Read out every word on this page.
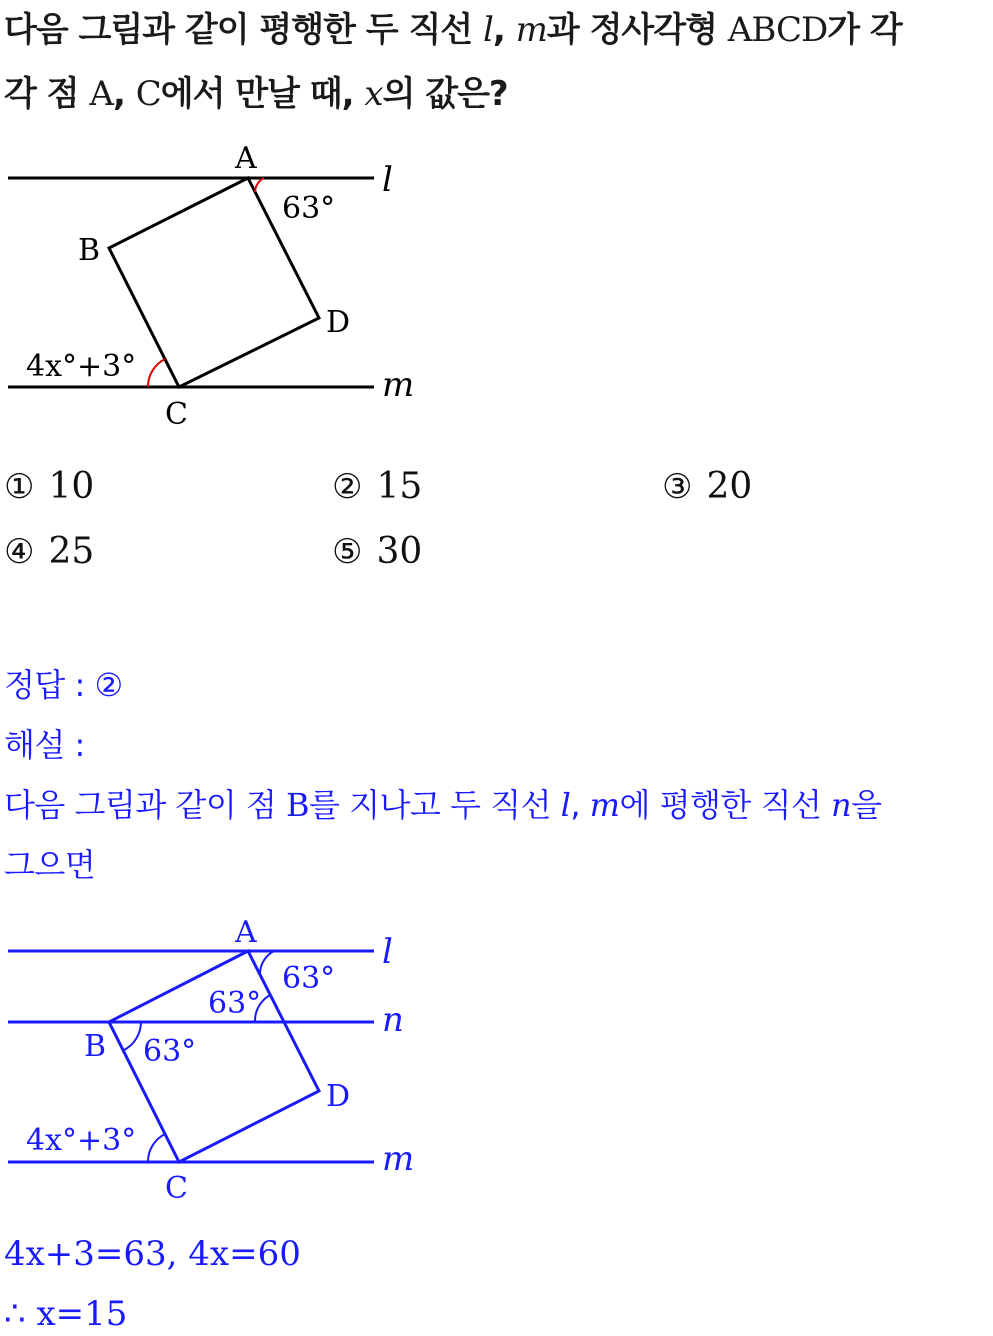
다음 그림과 같이 평행한 두 직선 l, m과 정사각형 ABCD가 각
각 점 A, C에서 만날 때, x의 값은?
A
B
C
D
l
m
63°
4x°+3°
① 10	② 15	③ 20
④ 25	⑤ 30
정답 : ②
해설 :
다음 그림과 같이 점 B를 지나고 두 직선 l, m에 평행한 직선 n을
그으면
A
B
C
D
l
n
m
63°
63°
63°
4x°+3°
4x+3=63, 4x=60
∴ x=15
